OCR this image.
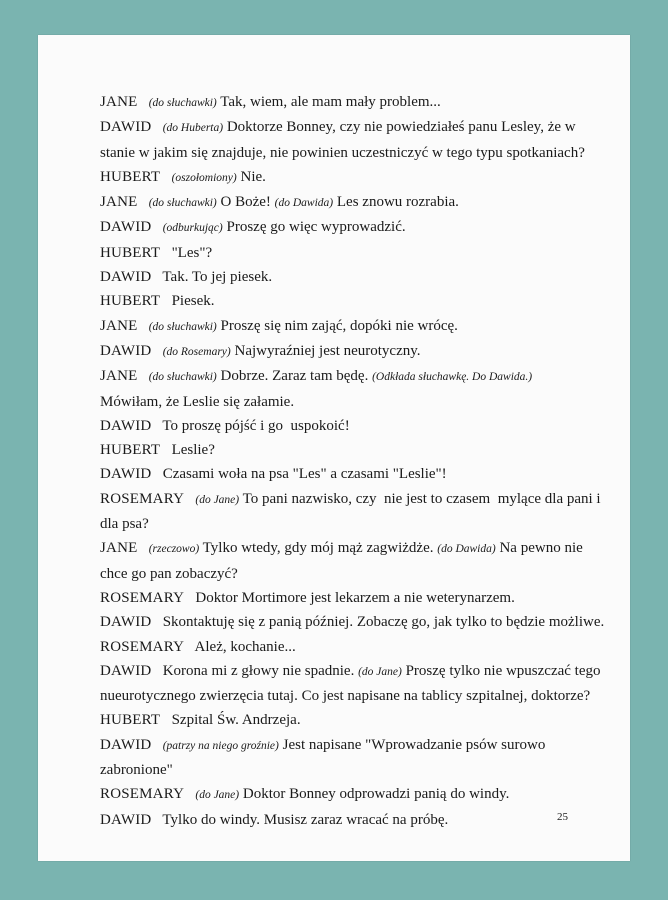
JANE (do słuchawki) Tak, wiem, ale mam mały problem...
DAWID (do Huberta) Doktorze Bonney, czy nie powiedziałeś panu Lesley, że w
stanie w jakim się znajduje, nie powinien uczestniczyć w tego typu spotkaniach?
HUBERT (oszołomiony) Nie.
JANE (do słuchawki) O Boże! (do Dawida) Les znowu rozrabia.
DAWID (odburkując) Proszę go więc wyprowadzić.
HUBERT   "Les"?
DAWID   Tak. To jej piesek.
HUBERT   Piesek.
JANE (do słuchawki) Proszę się nim zająć, dopóki nie wrócę.
DAWID (do Rosemary) Najwyraźniej jest neurotyczny.
JANE (do słuchawki) Dobrze. Zaraz tam będę. (Odkłada słuchawkę. Do Dawida.)
Mówiłam, że Leslie się załamie.
DAWID   To proszę pójść i go  uspokoić!
HUBERT   Leslie?
DAWID   Czasami woła na psa "Les" a czasami "Leslie"!
ROSEMARY (do Jane) To pani nazwisko, czy  nie jest to czasem  mylące dla pani i
dla psa?
JANE (rzeczowo) Tylko wtedy, gdy mój mąż zagwiżdże. (do Dawida) Na pewno nie
chce go pan zobaczyć?
ROSEMARY   Doktor Mortimore jest lekarzem a nie weterynarzem.
DAWID   Skontaktuję się z panią później. Zobaczę go, jak tylko to będzie możliwe.
ROSEMARY   Ależ, kochanie...
DAWID   Korona mi z głowy nie spadnie. (do Jane) Proszę tylko nie wpuszczać tego
nueurotycznego zwierzęcia tutaj. Co jest napisane na tablicy szpitalnej, doktorze?
HUBERT   Szpital Św. Andrzeja.
DAWID (patrzy na niego groźnie) Jest napisane "Wprowadzanie psów surowo
zabronione"
ROSEMARY (do Jane) Doktor Bonney odprowadzi panią do windy.
DAWID   Tylko do windy. Musisz zaraz wracać na próbę.	25
